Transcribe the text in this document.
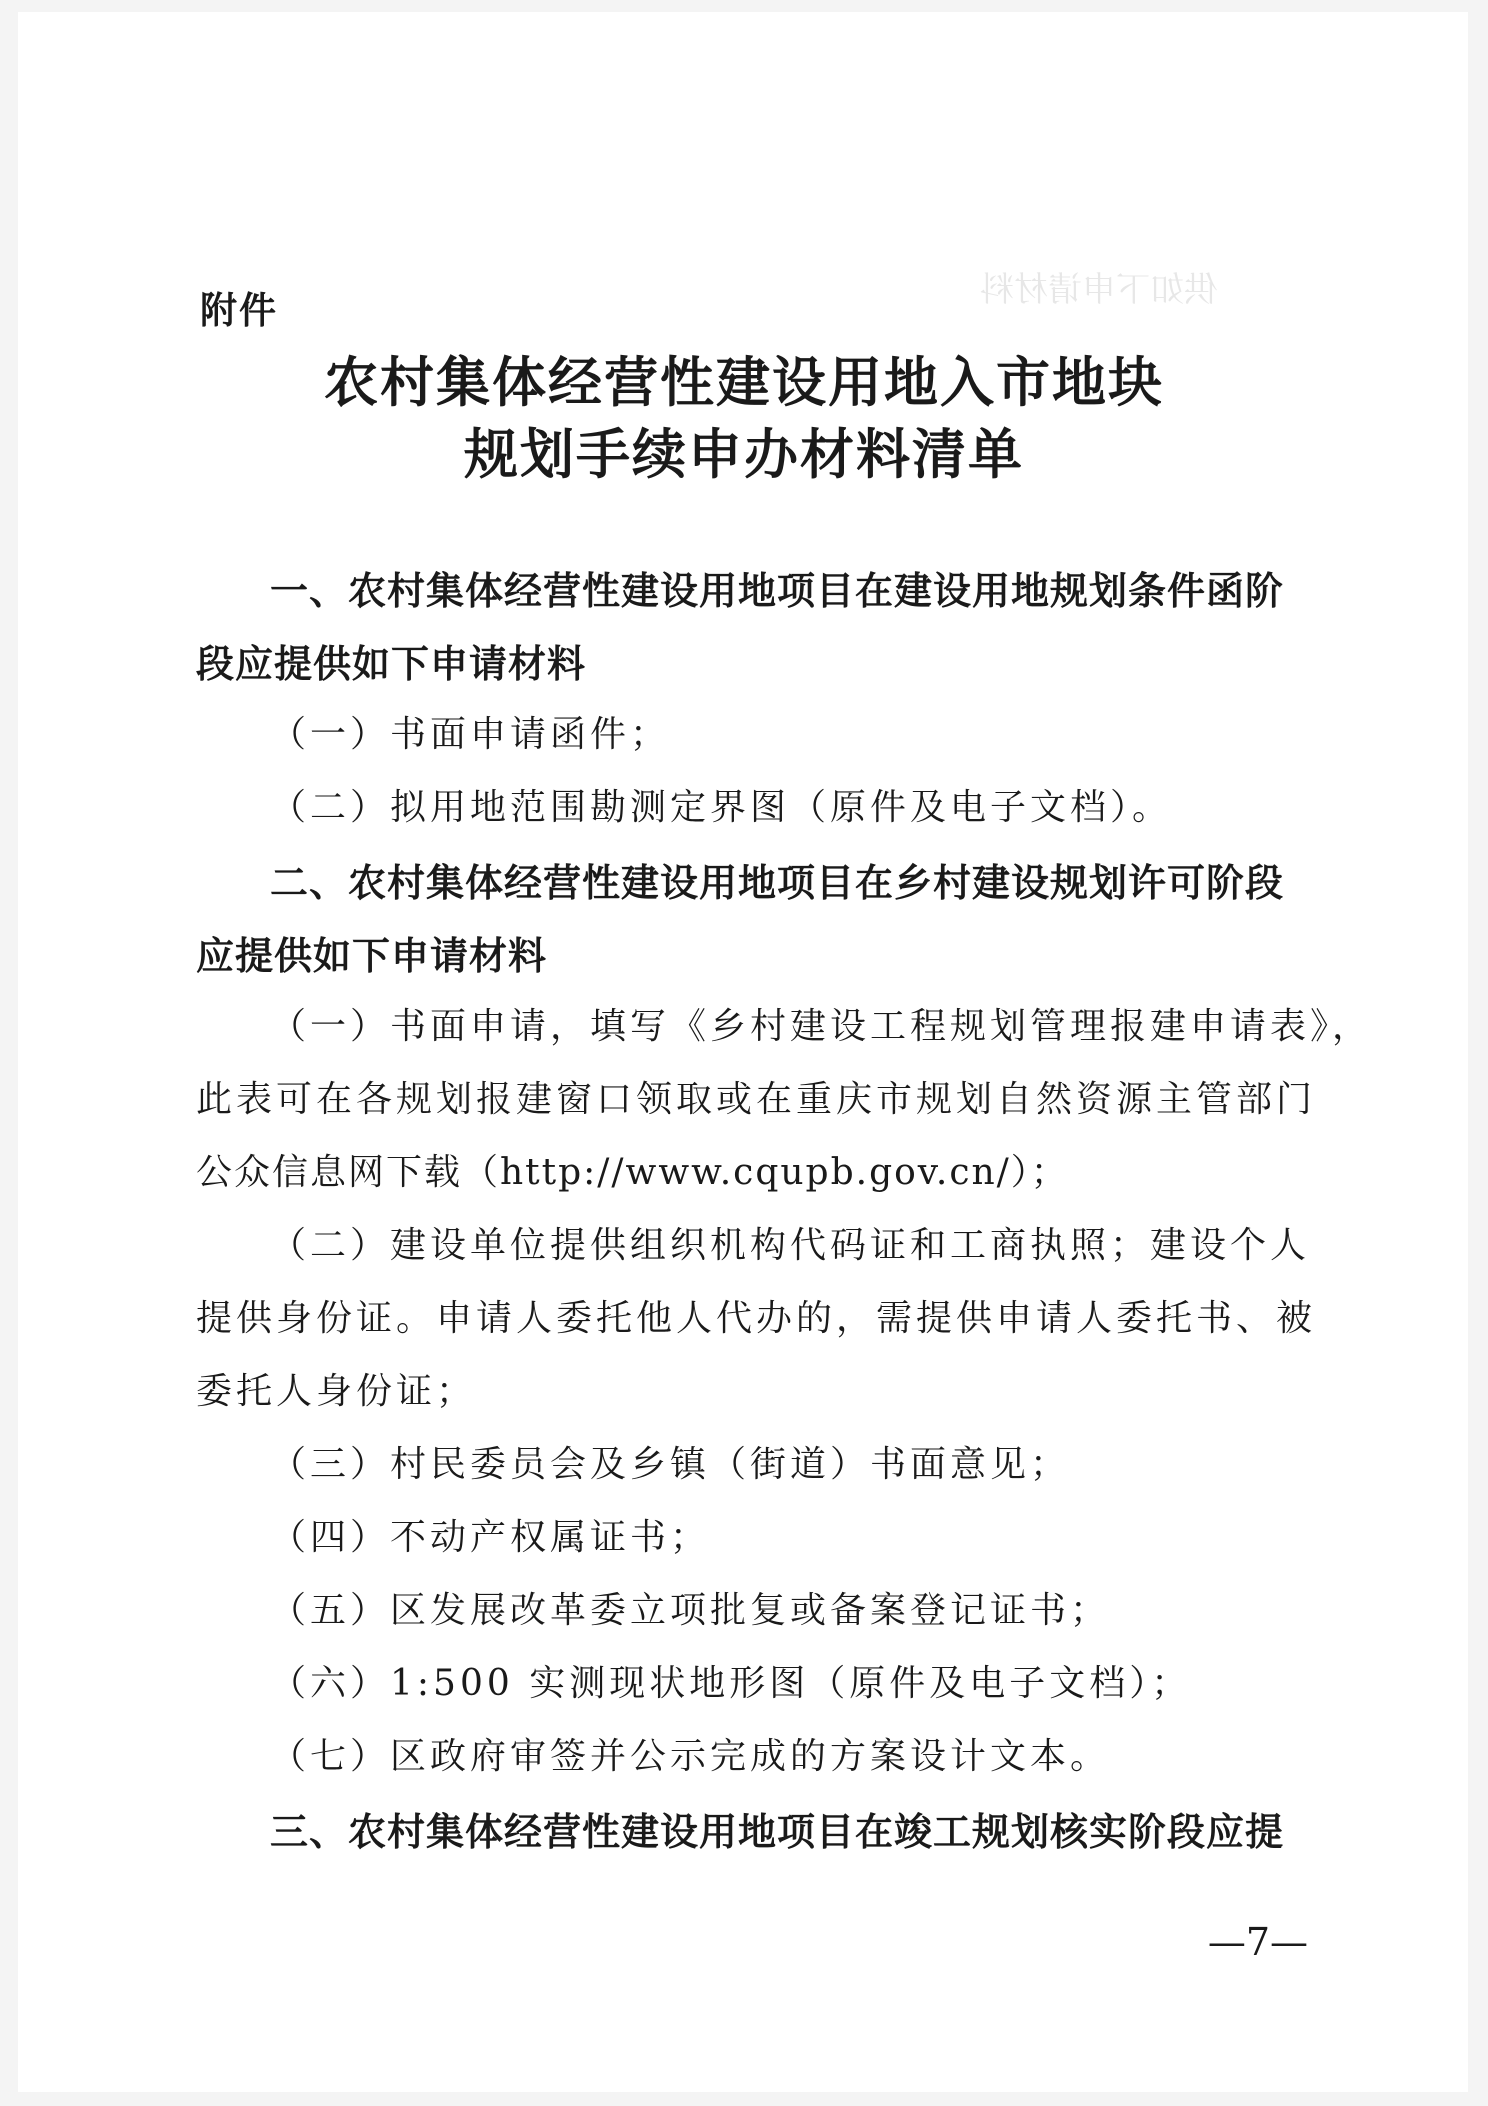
供如下申请材料
附件
农村集体经营性建设用地入市地块
规划手续申办材料清单
一、农村集体经营性建设用地项目在建设用地规划条件函阶
段应提供如下申请材料
（一）书面申请函件；
（二）拟用地范围勘测定界图（原件及电子文档）。
二、农村集体经营性建设用地项目在乡村建设规划许可阶段
应提供如下申请材料
（一）书面申请，填写《乡村建设工程规划管理报建申请表》，
此表可在各规划报建窗口领取或在重庆市规划自然资源主管部门
公众信息网下载（http://www.cqupb.gov.cn/）；
（二）建设单位提供组织机构代码证和工商执照；建设个人
提供身份证。申请人委托他人代办的，需提供申请人委托书、被
委托人身份证；
（三）村民委员会及乡镇（街道）书面意见；
（四）不动产权属证书；
（五）区发展改革委立项批复或备案登记证书；
（六）1:500 实测现状地形图（原件及电子文档）；
（七）区政府审签并公示完成的方案设计文本。
三、农村集体经营性建设用地项目在竣工规划核实阶段应提
—7—
